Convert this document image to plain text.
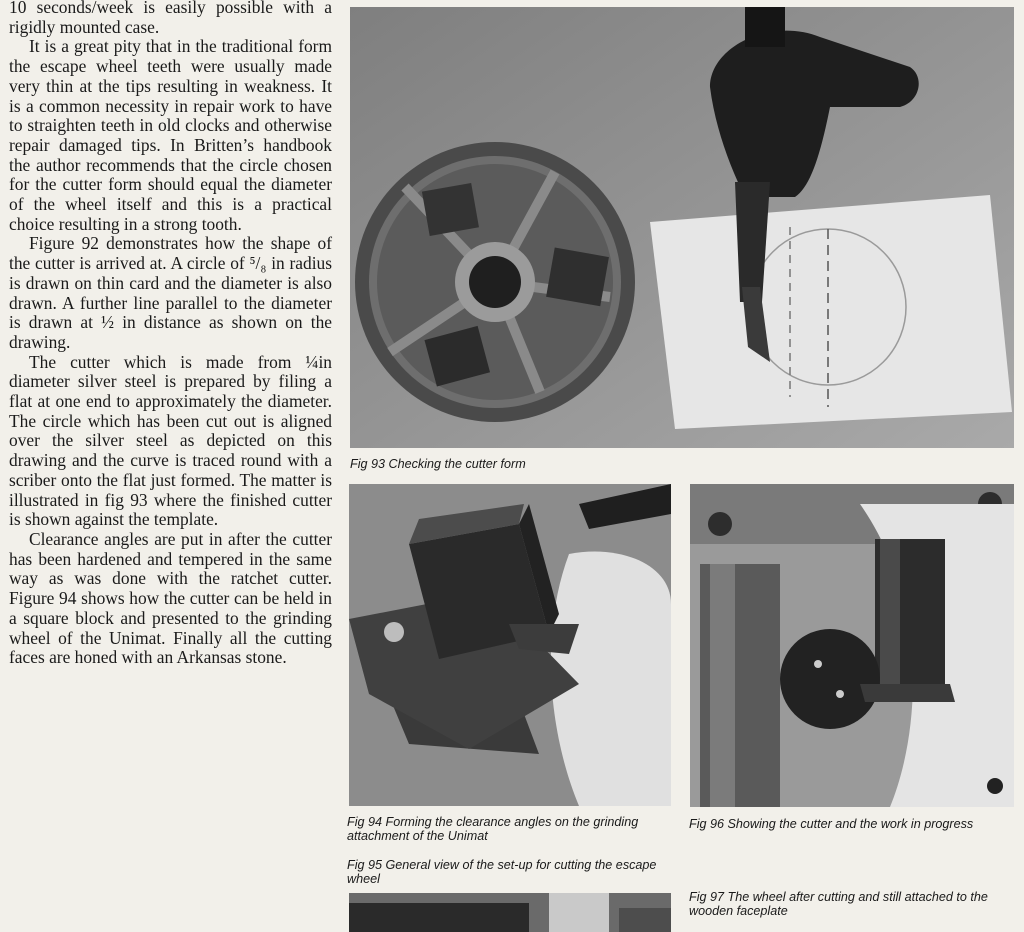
10 seconds/week is easily possible with a rigidly mounted case.

It is a great pity that in the traditional form the escape wheel teeth were usually made very thin at the tips resulting in weakness. It is a common necessity in repair work to have to straighten teeth in old clocks and otherwise repair damaged tips. In Britten’s handbook the author recommends that the circle chosen for the cutter form should equal the diameter of the wheel itself and this is a practical choice resulting in a strong tooth.

Figure 92 demonstrates how the shape of the cutter is arrived at. A circle of ⁵/₈ in radius is drawn on thin card and the diameter is also drawn. A further line parallel to the diameter is drawn at ½ in distance as shown on the drawing.

The cutter which is made from ¼in diameter silver steel is prepared by filing a flat at one end to approximately the diameter. The circle which has been cut out is aligned over the silver steel as depicted on this drawing and the curve is traced round with a scriber onto the flat just formed. The matter is illustrated in fig 93 where the finished cutter is shown against the template.

Clearance angles are put in after the cutter has been hardened and tempered in the same way as was done with the ratchet cutter. Figure 94 shows how the cutter can be held in a square block and presented to the grinding wheel of the Unimat. Finally all the cutting faces are honed with an Arkansas stone.

Fig 93 Checking the cutter form
Fig 94 Forming the clearance angles on the grinding attachment of the Unimat
Fig 95 General view of the set-up for cutting the escape wheel
Fig 96 Showing the cutter and the work in progress
Fig 97 The wheel after cutting and still attached to the wooden faceplate
